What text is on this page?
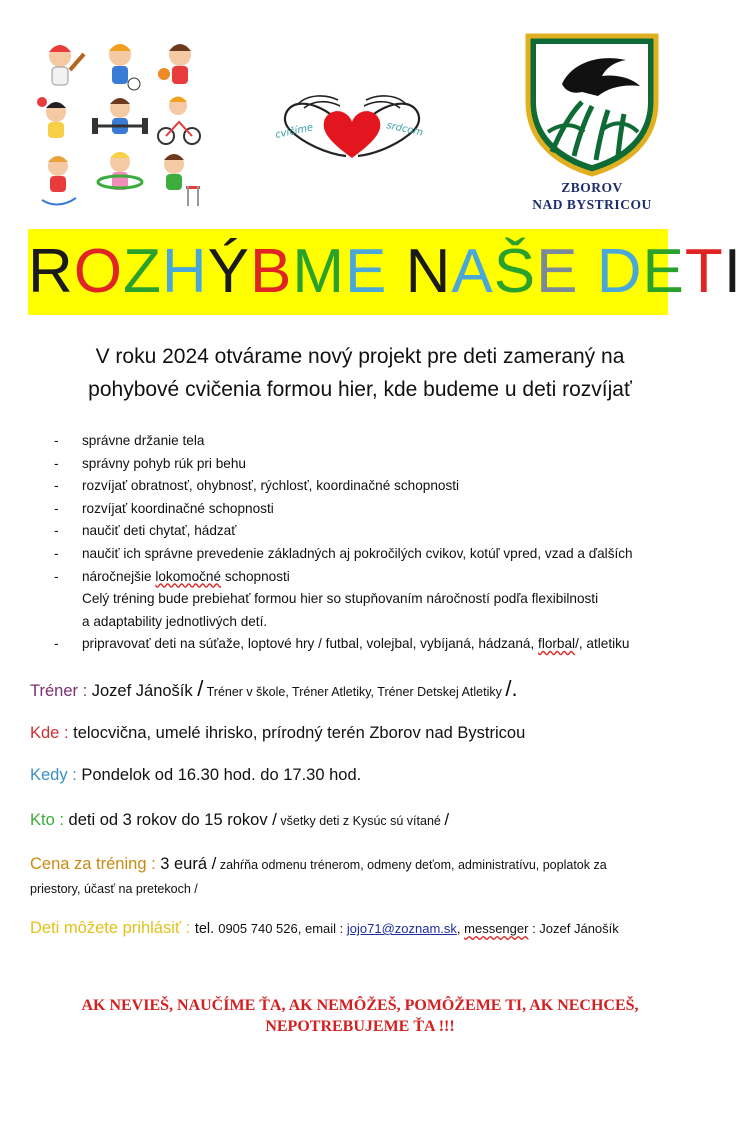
cvičíme	srdcom
ZBOROV
NAD BYSTRICOU
ROZHÝBME NAŠE DETI
V roku 2024 otvárame nový projekt pre deti zameraný na
pohybové cvičenia formou hier, kde budeme u deti rozvíjať
- správne držanie tela
- správny pohyb rúk pri behu
- rozvíjať obratnosť, ohybnosť, rýchlosť, koordinačné schopnosti
- rozvíjať koordinačné schopnosti
- naučiť deti chytať, hádzať
- naučiť ich správne prevedenie základných aj pokročilých cvikov, kotúľ vpred, vzad a ďalších
- náročnejšie lokomočné schopnosti
Celý tréning bude prebiehať formou hier so stupňovaním náročností podľa flexibilnosti
a adaptability jednotlivých detí.
- pripravovať deti na súťaže, loptové hry / futbal, volejbal, vybíjaná, hádzaná, florbal/, atletiku
Tréner : Jozef Jánošík / Tréner v škole, Tréner Atletiky, Tréner Detskej Atletiky /.
Kde : telocvična, umelé ihrisko, prírodný terén Zborov nad Bystricou
Kedy : Pondelok od 16.30 hod. do 17.30 hod.
Kto : deti od 3 rokov do 15 rokov / všetky deti z Kysúc sú vítané /
Cena za tréning : 3 eurá / zahŕňa odmenu trénerom, odmeny deťom, administratívu, poplatok za
priestory, účasť na pretekoch /
Deti môžete prihlásiť : tel. 0905 740 526, email : jojo71@zoznam.sk, messenger : Jozef Jánošík
AK NEVIEŠ, NAUČÍME ŤA, AK NEMÔŽEŠ, POMÔŽEME TI, AK NECHCEŠ,
NEPOTREBUJEME ŤA !!!
